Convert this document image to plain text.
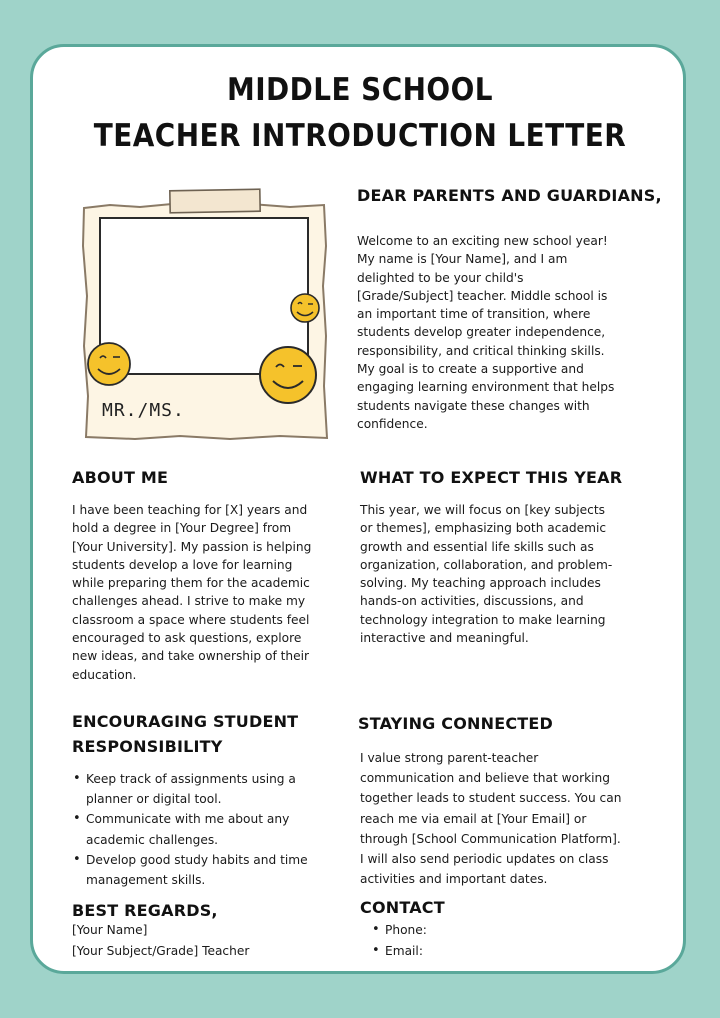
MIDDLE SCHOOL
TEACHER INTRODUCTION LETTER
MR./MS.
DEAR PARENTS AND GUARDIANS,

Welcome to an exciting new school year!

My name is [Your Name], and I am

delighted to be your child's

[Grade/Subject] teacher. Middle school is

an important time of transition, where

students develop greater independence,

responsibility, and critical thinking skills.

My goal is to create a supportive and

engaging learning environment that helps

students navigate these changes with

confidence.

ABOUT ME

I have been teaching for [X] years and

hold a degree in [Your Degree] from

[Your University]. My passion is helping

students develop a love for learning

while preparing them for the academic

challenges ahead. I strive to make my

classroom a space where students feel

encouraged to ask questions, explore

new ideas, and take ownership of their

education.

WHAT TO EXPECT THIS YEAR

This year, we will focus on [key subjects

or themes], emphasizing both academic

growth and essential life skills such as

organization, collaboration, and problem-

solving. My teaching approach includes

hands-on activities, discussions, and

technology integration to make learning

interactive and meaningful.

ENCOURAGING STUDENT
RESPONSIBILITY
• Keep track of assignments using a
planner or digital tool.
• Communicate with me about any
academic challenges.
• Develop good study habits and time
management skills.
STAYING CONNECTED

I value strong parent-teacher

communication and believe that working

together leads to student success. You can

reach me via email at [Your Email] or

through [School Communication Platform].

I will also send periodic updates on class

activities and important dates.

BEST REGARDS,
[Your Name]
[Your Subject/Grade] Teacher
CONTACT
• Phone:
• Email:
